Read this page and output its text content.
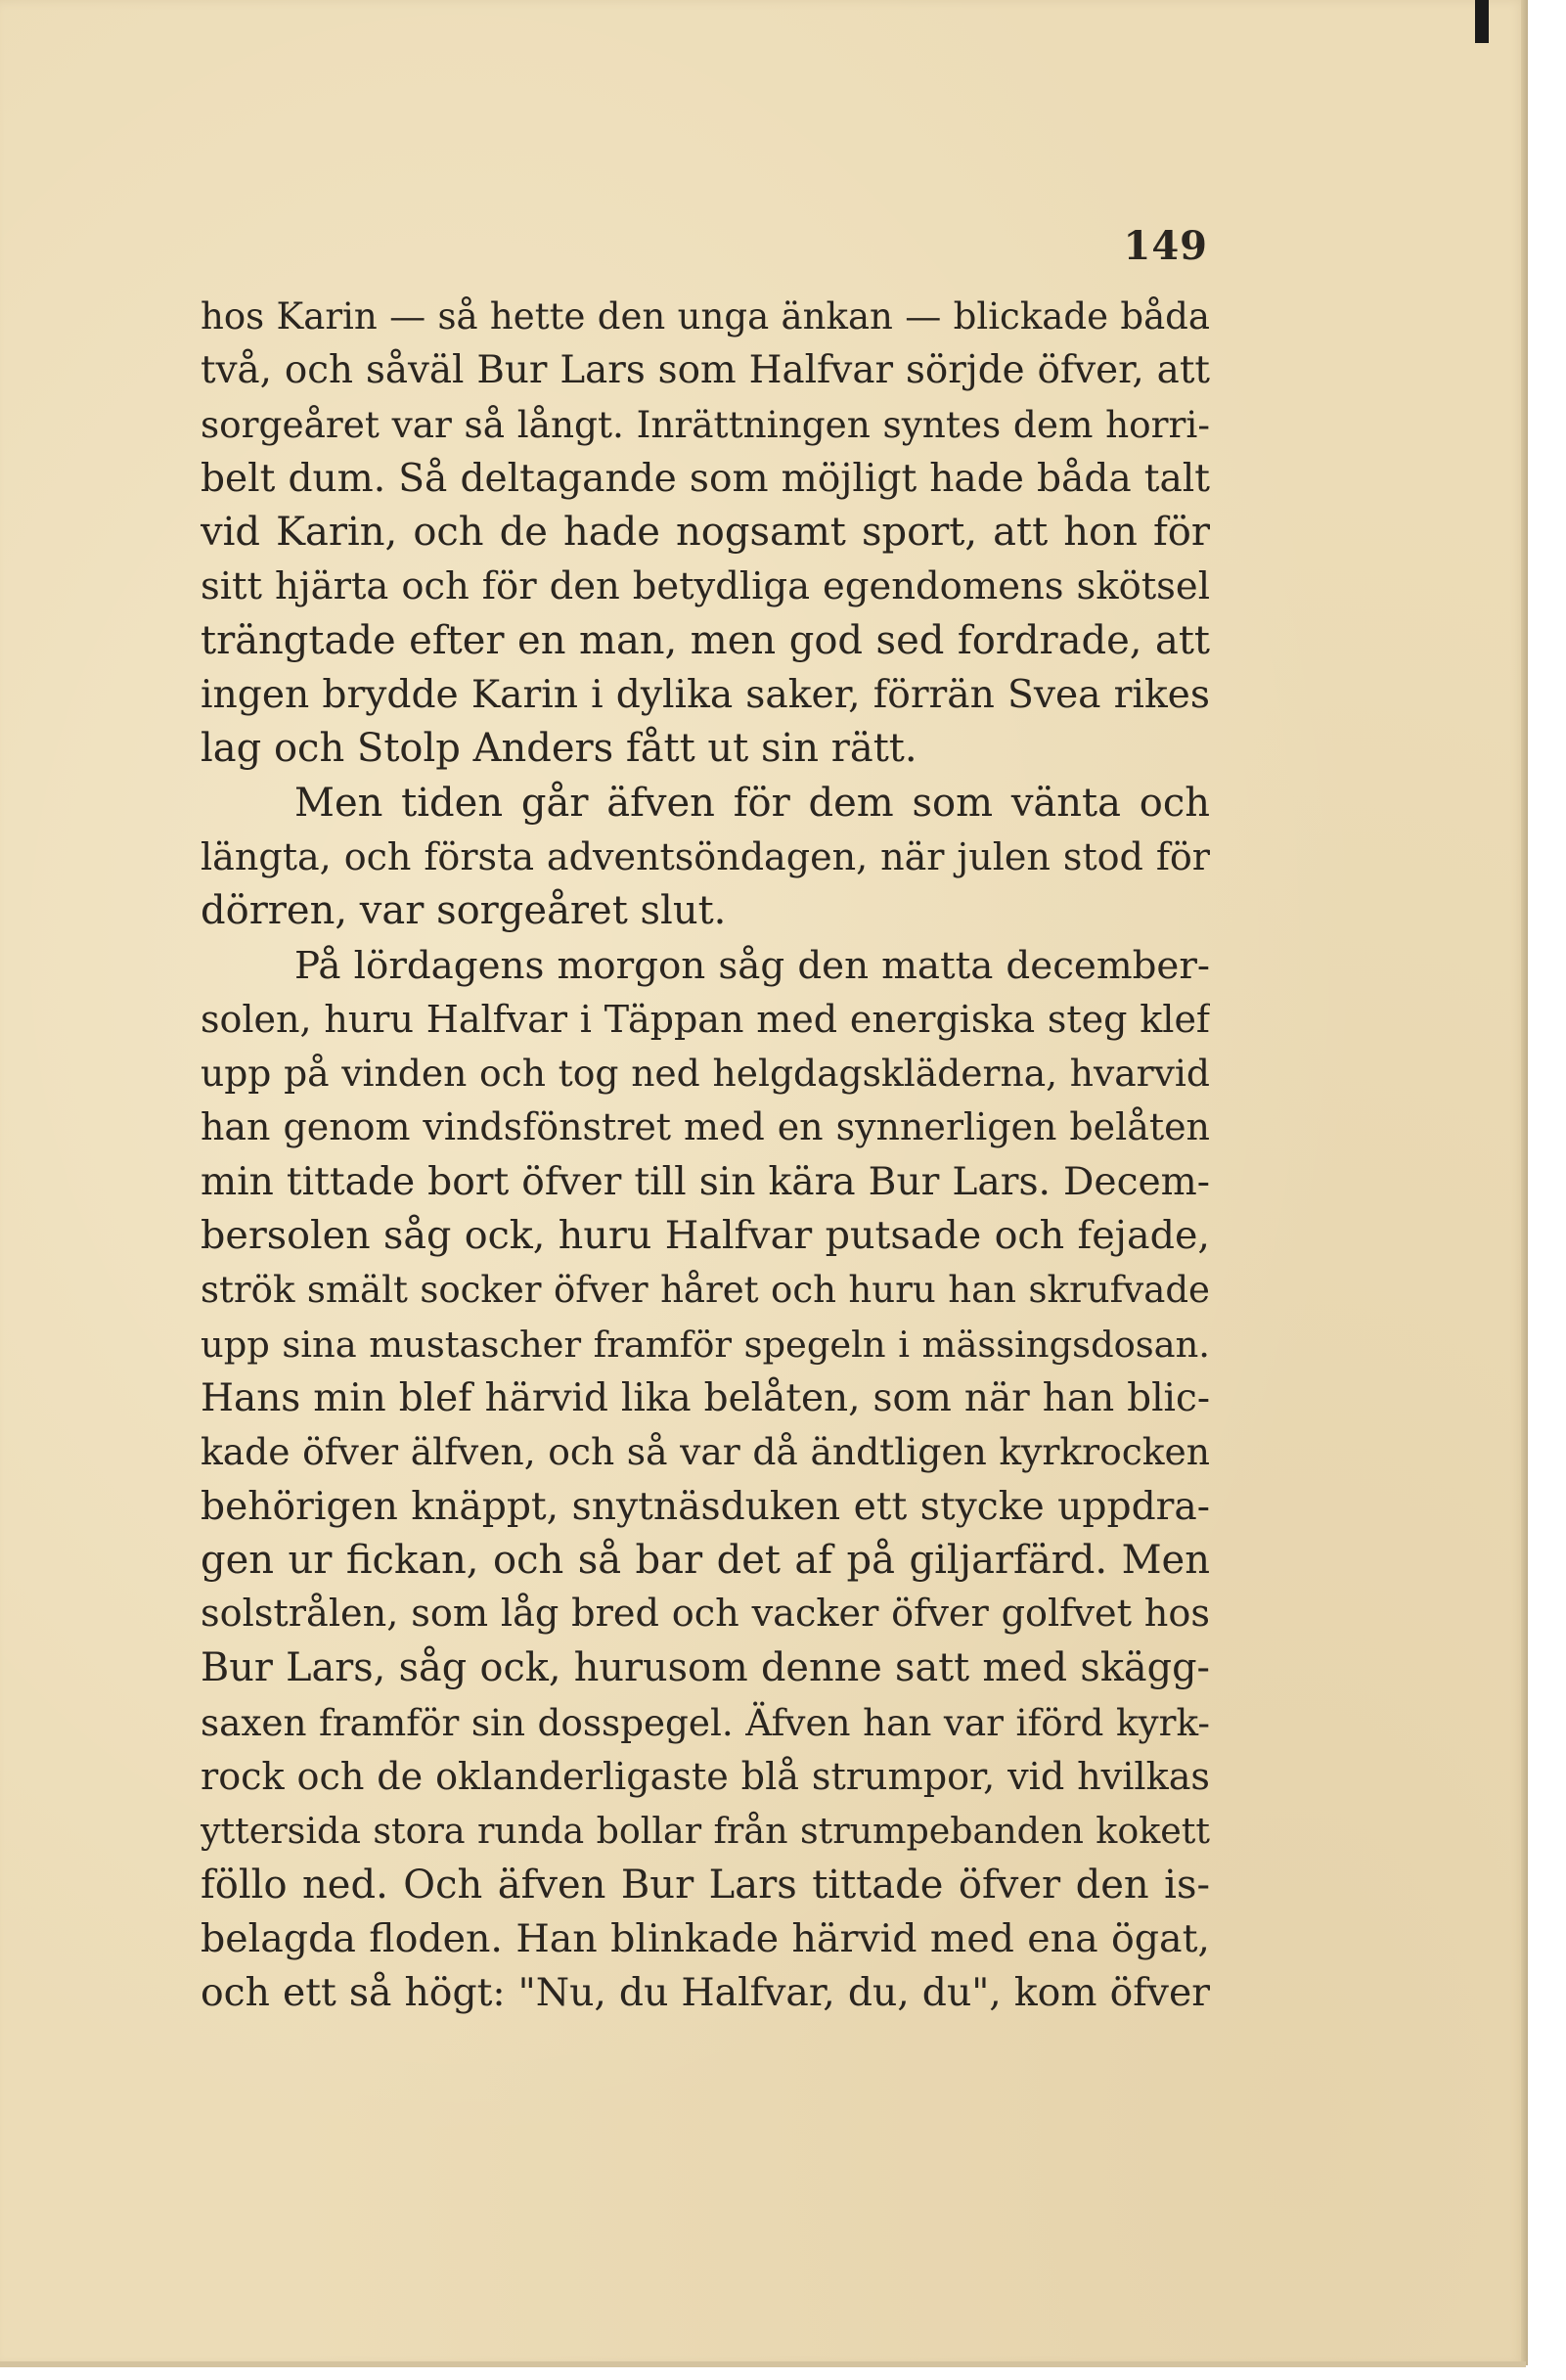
149
hos Karin — så hette den unga änkan — blickade båda
två, och såväl Bur Lars som Halfvar sörjde öfver, att
sorgeåret var så långt. Inrättningen syntes dem horri-
belt dum. Så deltagande som möjligt hade båda talt
vid Karin, och de hade nogsamt sport, att hon för
sitt hjärta och för den betydliga egendomens skötsel
trängtade efter en man, men god sed fordrade, att
ingen brydde Karin i dylika saker, förrän Svea rikes
lag och Stolp Anders fått ut sin rätt.
Men tiden går äfven för dem som vänta och
längta, och första adventsöndagen, när julen stod för
dörren, var sorgeåret slut.
På lördagens morgon såg den matta december-
solen, huru Halfvar i Täppan med energiska steg klef
upp på vinden och tog ned helgdagskläderna, hvarvid
han genom vindsfönstret med en synnerligen belåten
min tittade bort öfver till sin kära Bur Lars. Decem-
bersolen såg ock, huru Halfvar putsade och fejade,
strök smält socker öfver håret och huru han skrufvade
upp sina mustascher framför spegeln i mässingsdosan.
Hans min blef härvid lika belåten, som när han blic-
kade öfver älfven, och så var då ändtligen kyrkrocken
behörigen knäppt, snytnäsduken ett stycke uppdra-
gen ur fickan, och så bar det af på giljarfärd. Men
solstrålen, som låg bred och vacker öfver golfvet hos
Bur Lars, såg ock, hurusom denne satt med skägg-
saxen framför sin dosspegel. Äfven han var iförd kyrk-
rock och de oklanderligaste blå strumpor, vid hvilkas
yttersida stora runda bollar från strumpebanden kokett
föllo ned. Och äfven Bur Lars tittade öfver den is-
belagda floden. Han blinkade härvid med ena ögat,
och ett så högt: "Nu, du Halfvar, du, du", kom öfver
